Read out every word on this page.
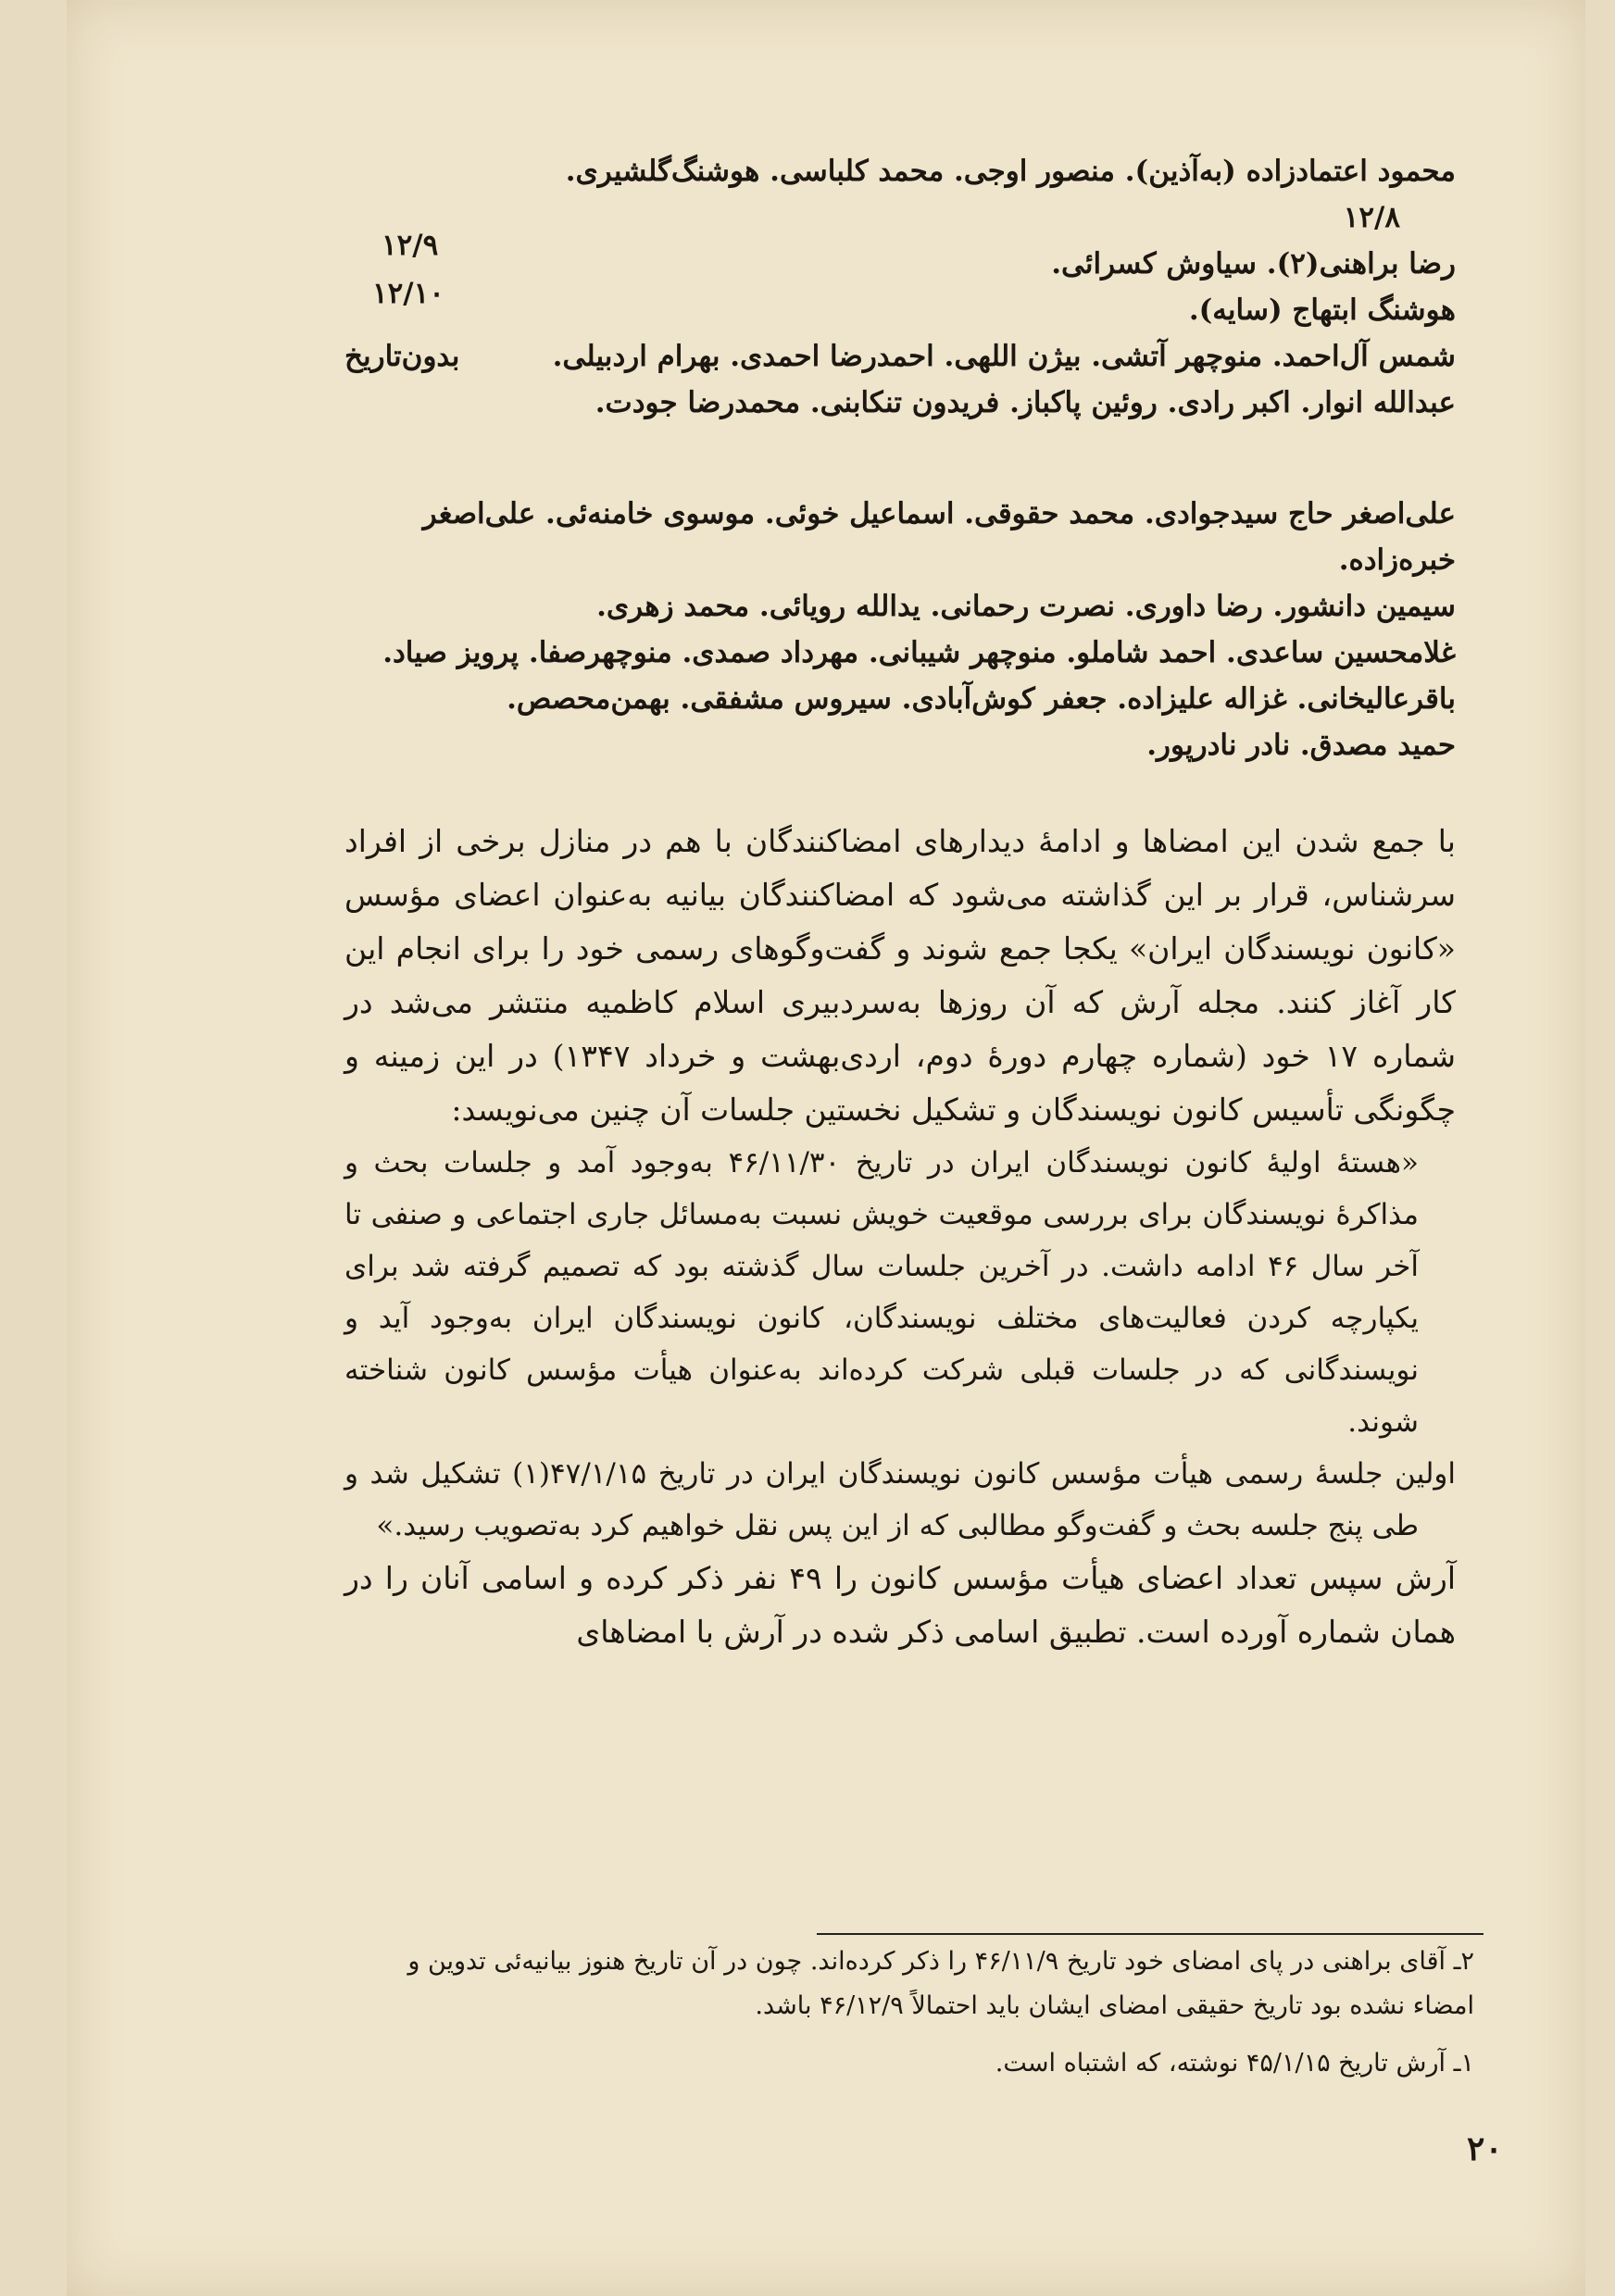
محمود اعتمادزاده (به‌آذین). منصور اوجی. محمد کلباسی. هوشنگ‌گلشیری.
۱۲/۸
رضا براهنی(۲). سیاوش کسرائی.
۱۲/۹
هوشنگ ابتهاج (سایه).
۱۲/۱۰
شمس آل‌احمد. منوچهر آتشی. بیژن اللهی. احمدرضا احمدی. بهرام اردبیلی.
بدون‌تاریخ
عبدالله انوار. اکبر رادی. روئین پاکباز. فریدون تنکابنی. محمدرضا جودت.
علی‌اصغر حاج سیدجوادی. محمد حقوقی. اسماعیل خوئی. موسوی خامنه‌ئی. علی‌اصغر خبره‌زاده.
سیمین دانشور. رضا داوری. نصرت رحمانی. یدالله رویائی. محمد زهری.
غلامحسین ساعدی. احمد شاملو. منوچهر شیبانی. مهرداد صمدی. منوچهرصفا. پرویز صیاد.
باقرعالیخانی. غزاله علیزاده. جعفر کوش‌آبادی. سیروس مشفقی. بهمن‌محصص.
حمید مصدق. نادر نادرپور.

با جمع شدن این امضاها و ادامهٔ دیدارهای امضاکنندگان با هم در منازل برخی از افراد سرشناس، قرار بر این گذاشته می‌شود که امضاکنندگان بیانیه به‌عنوان اعضای مؤسس «کانون نویسندگان ایران» یکجا جمع شوند و گفت‌وگوهای رسمی خود را برای انجام این کار آغاز کنند. مجله آرش که آن روزها به‌سردبیری اسلام کاظمیه منتشر می‌شد در شماره ۱۷ خود (شماره چهارم دورهٔ دوم، اردی‌بهشت و خرداد ۱۳۴۷) در این زمینه و چگونگی تأسیس کانون نویسندگان و تشکیل نخستین جلسات آن چنین می‌نویسد:

«هستهٔ اولیهٔ کانون نویسندگان ایران در تاریخ ۴۶/۱۱/۳۰ به‌وجود آمد و جلسات بحث و مذاکرهٔ نویسندگان برای بررسی موقعیت خویش نسبت به‌مسائل جاری اجتماعی و صنفی تا آخر سال ۴۶ ادامه داشت. در آخرین جلسات سال گذشته بود که تصمیم گرفته شد برای یکپارچه کردن فعالیت‌های مختلف نویسندگان، کانون نویسندگان ایران به‌وجود آید و نویسندگانی که در جلسات قبلی شرکت کرده‌اند به‌عنوان هیأت مؤسس کانون شناخته شوند.

اولین جلسهٔ رسمی هیأت مؤسس کانون نویسندگان ایران در تاریخ ۴۷/۱/۱۵(۱) تشکیل شد و طی پنج جلسه بحث و گفت‌وگو مطالبی که از این پس نقل خواهیم کرد به‌تصویب رسید.»

آرش سپس تعداد اعضای هیأت مؤسس کانون را ۴۹ نفر ذکر کرده و اسامی آنان را در همان شماره آورده است. تطبیق اسامی ذکر شده در آرش با امضاهای

۲ـ آقای براهنی در پای امضای خود تاریخ ۴۶/۱۱/۹ را ذکر کرده‌اند. چون در آن تاریخ هنوز بیانیه‌ئی تدوین و امضاء نشده بود تاریخ حقیقی امضای ایشان باید احتمالاً ۴۶/۱۲/۹ باشد.

۱ـ آرش تاریخ ۴۵/۱/۱۵ نوشته، که اشتباه است.

۲۰
